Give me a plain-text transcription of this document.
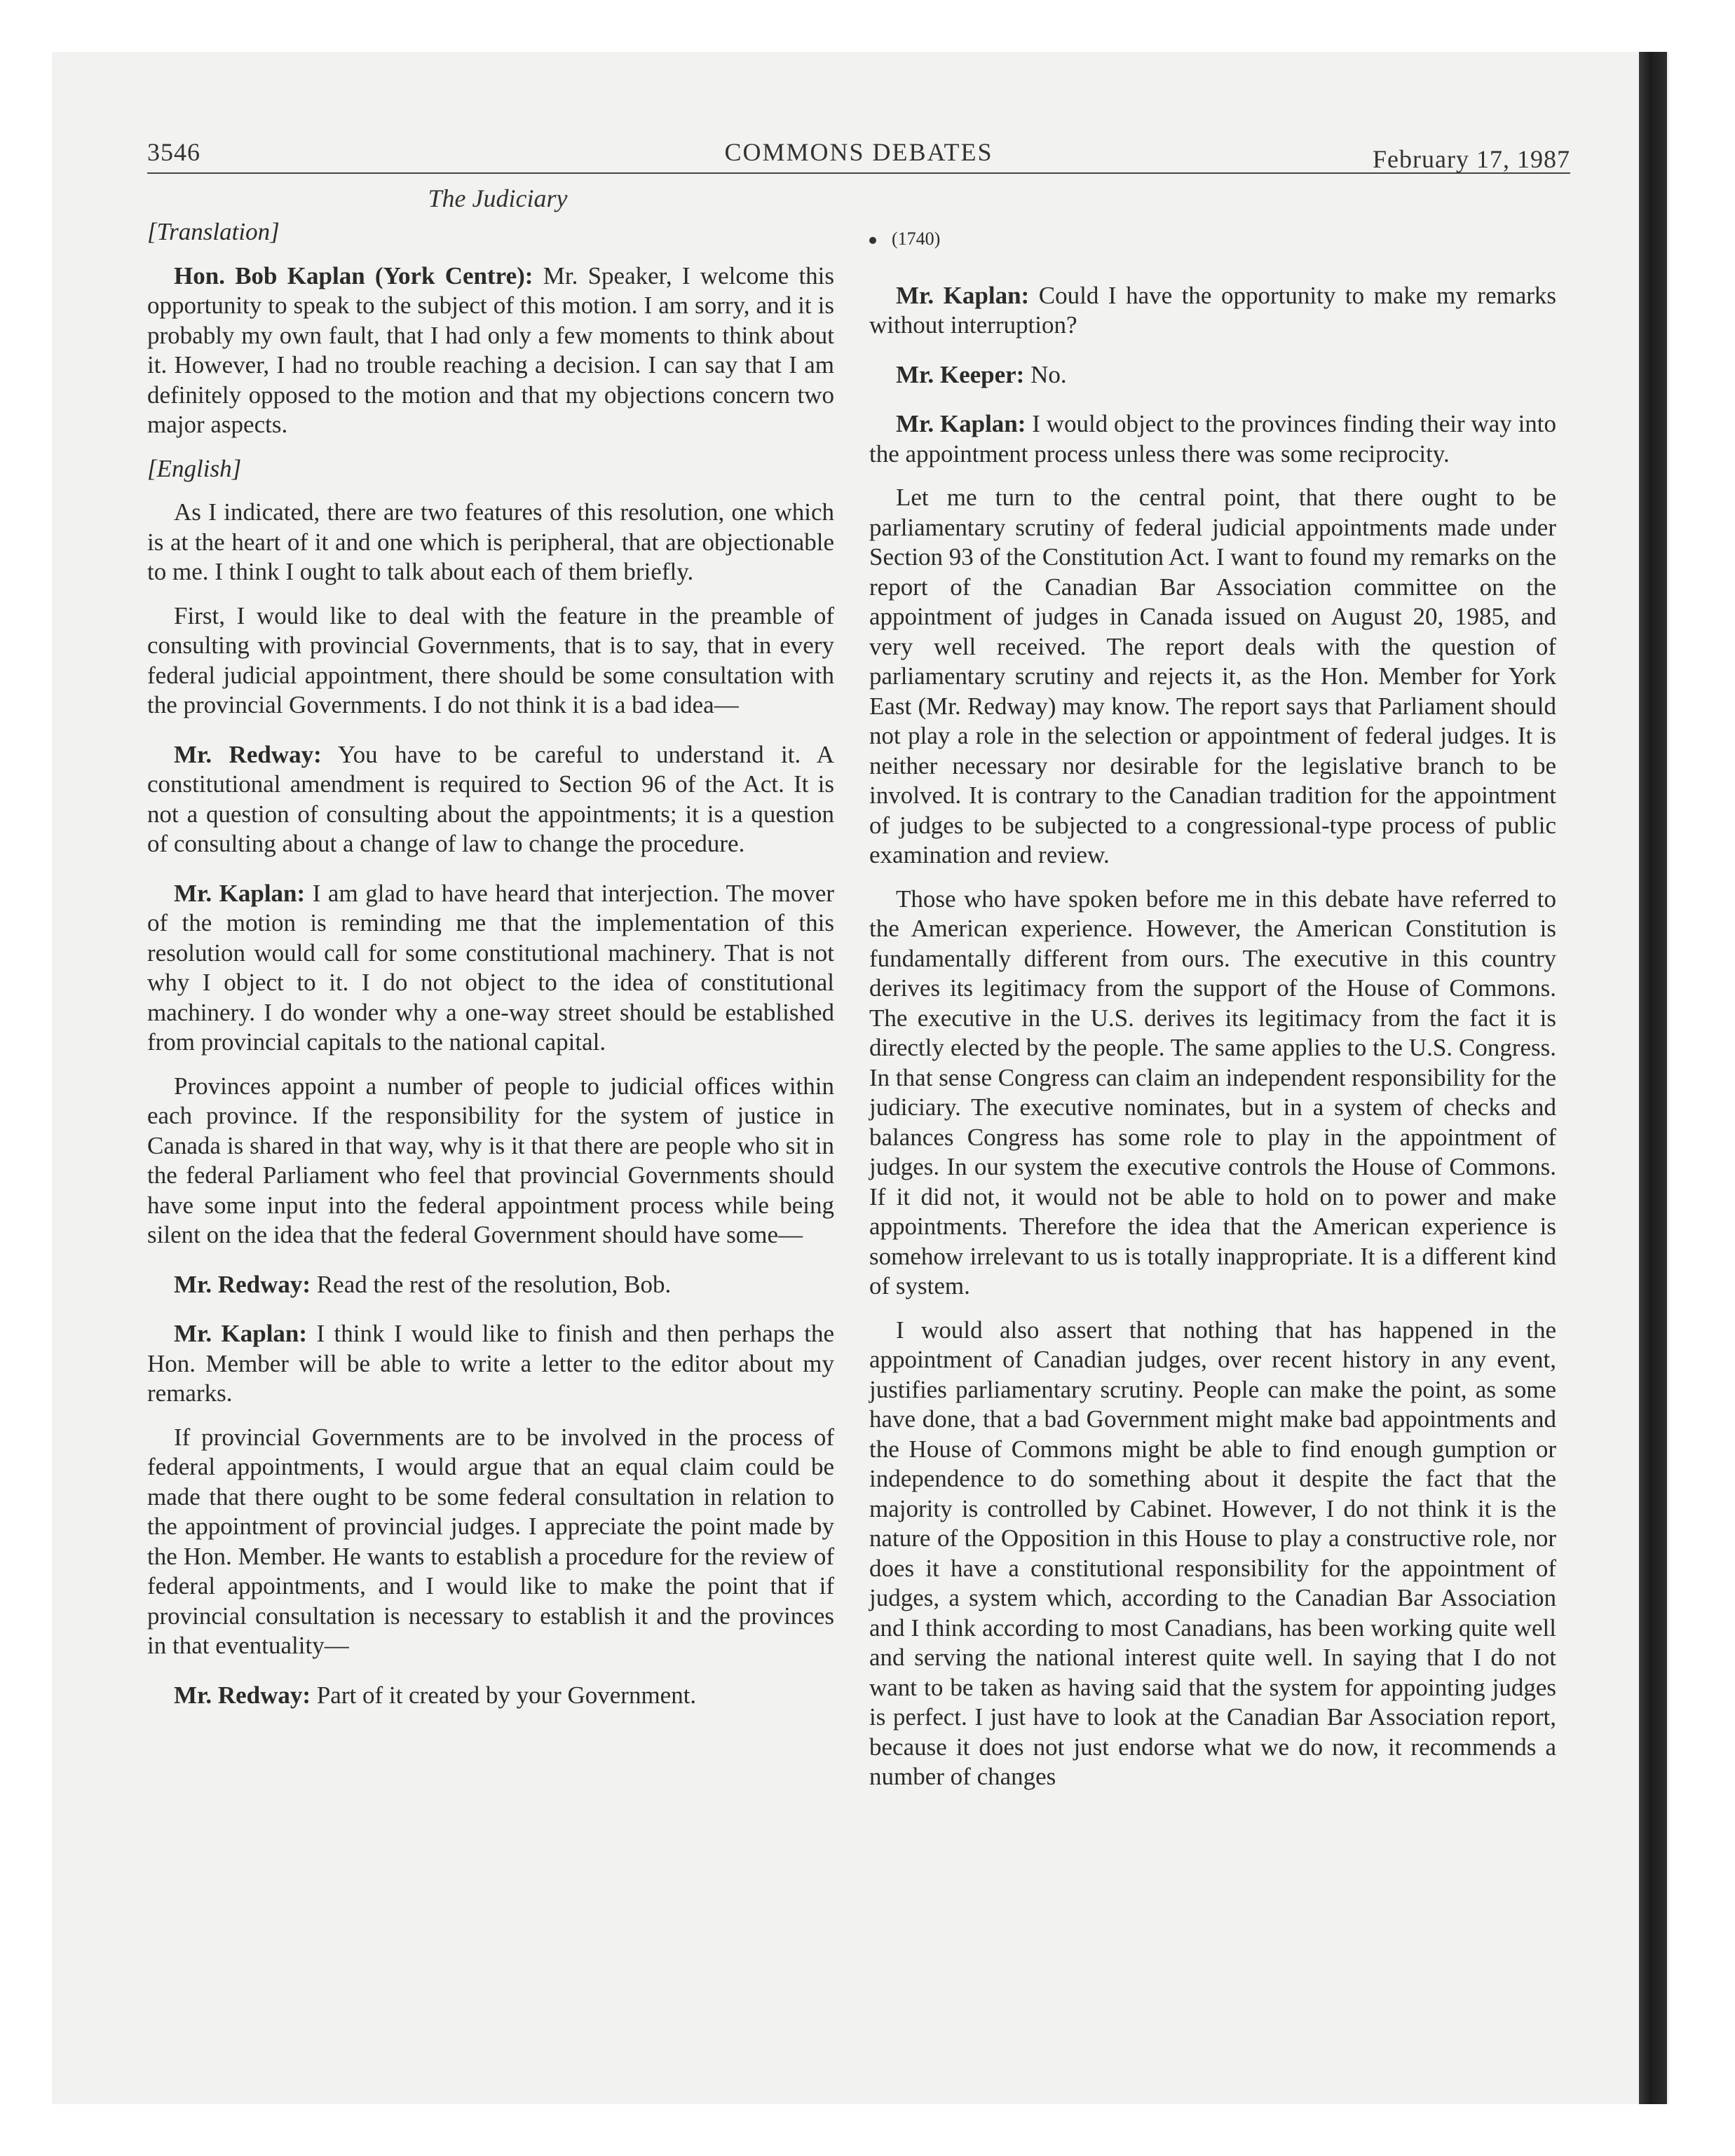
3546	COMMONS DEBATES	February 17, 1987
The Judiciary

[Translation]

Hon. Bob Kaplan (York Centre): Mr. Speaker, I welcome this opportunity to speak to the subject of this motion. I am sorry, and it is probably my own fault, that I had only a few moments to think about it. However, I had no trouble reaching a decision. I can say that I am definitely opposed to the motion and that my objections concern two major aspects.

[English]

As I indicated, there are two features of this resolution, one which is at the heart of it and one which is peripheral, that are objectionable to me. I think I ought to talk about each of them briefly.

First, I would like to deal with the feature in the preamble of consulting with provincial Governments, that is to say, that in every federal judicial appointment, there should be some consultation with the provincial Governments. I do not think it is a bad idea—

Mr. Redway: You have to be careful to understand it. A constitutional amendment is required to Section 96 of the Act. It is not a question of consulting about the appointments; it is a question of consulting about a change of law to change the procedure.

Mr. Kaplan: I am glad to have heard that interjection. The mover of the motion is reminding me that the implementation of this resolution would call for some constitutional machinery. That is not why I object to it. I do not object to the idea of constitutional machinery. I do wonder why a one-way street should be established from provincial capitals to the national capital.

Provinces appoint a number of people to judicial offices within each province. If the responsibility for the system of justice in Canada is shared in that way, why is it that there are people who sit in the federal Parliament who feel that provincial Governments should have some input into the federal appointment process while being silent on the idea that the federal Government should have some—

Mr. Redway: Read the rest of the resolution, Bob.

Mr. Kaplan: I think I would like to finish and then perhaps the Hon. Member will be able to write a letter to the editor about my remarks.

If provincial Governments are to be involved in the process of federal appointments, I would argue that an equal claim could be made that there ought to be some federal consultation in relation to the appointment of provincial judges. I appreciate the point made by the Hon. Member. He wants to establish a procedure for the review of federal appointments, and I would like to make the point that if provincial consultation is necessary to establish it and the provinces in that eventuality—

Mr. Redway: Part of it created by your Government.

(1740)

Mr. Kaplan: Could I have the opportunity to make my remarks without interruption?

Mr. Keeper: No.

Mr. Kaplan: I would object to the provinces finding their way into the appointment process unless there was some reciprocity.

Let me turn to the central point, that there ought to be parliamentary scrutiny of federal judicial appointments made under Section 93 of the Constitution Act. I want to found my remarks on the report of the Canadian Bar Association committee on the appointment of judges in Canada issued on August 20, 1985, and very well received. The report deals with the question of parliamentary scrutiny and rejects it, as the Hon. Member for York East (Mr. Redway) may know. The report says that Parliament should not play a role in the selection or appointment of federal judges. It is neither necessary nor desirable for the legislative branch to be involved. It is contrary to the Canadian tradition for the appointment of judges to be subjected to a congressional-type process of public examination and review.

Those who have spoken before me in this debate have referred to the American experience. However, the American Constitution is fundamentally different from ours. The executive in this country derives its legitimacy from the support of the House of Commons. The executive in the U.S. derives its legitimacy from the fact it is directly elected by the people. The same applies to the U.S. Congress. In that sense Congress can claim an independent responsibility for the judiciary. The executive nominates, but in a system of checks and balances Congress has some role to play in the appointment of judges. In our system the executive controls the House of Commons. If it did not, it would not be able to hold on to power and make appointments. Therefore the idea that the American experience is somehow irrelevant to us is totally inappropriate. It is a different kind of system.

I would also assert that nothing that has happened in the appointment of Canadian judges, over recent history in any event, justifies parliamentary scrutiny. People can make the point, as some have done, that a bad Government might make bad appointments and the House of Commons might be able to find enough gumption or independence to do something about it despite the fact that the majority is controlled by Cabinet. However, I do not think it is the nature of the Opposition in this House to play a constructive role, nor does it have a constitutional responsibility for the appointment of judges, a system which, according to the Canadian Bar Association and I think according to most Canadians, has been working quite well and serving the national interest quite well. In saying that I do not want to be taken as having said that the system for appointing judges is perfect. I just have to look at the Canadian Bar Association report, because it does not just endorse what we do now, it recommends a number of changes
